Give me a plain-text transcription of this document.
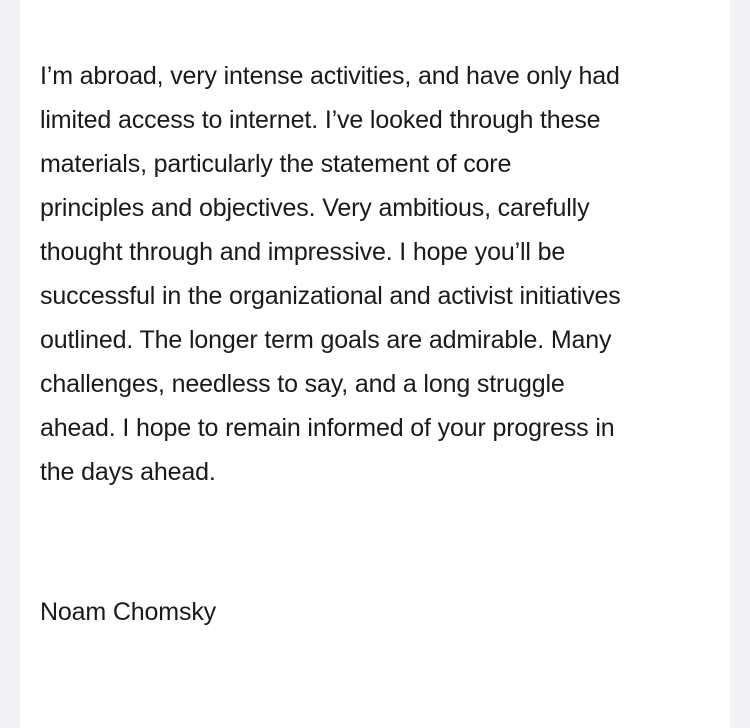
I’m abroad, very intense activities, and have only had
limited access to internet. I’ve looked through these
materials, particularly the statement of core
principles and objectives. Very ambitious, carefully
thought through and impressive. I hope you’ll be
successful in the organizational and activist initiatives
outlined. The longer term goals are admirable. Many
challenges, needless to say, and a long struggle
ahead. I hope to remain informed of your progress in
the days ahead.

Noam Chomsky
